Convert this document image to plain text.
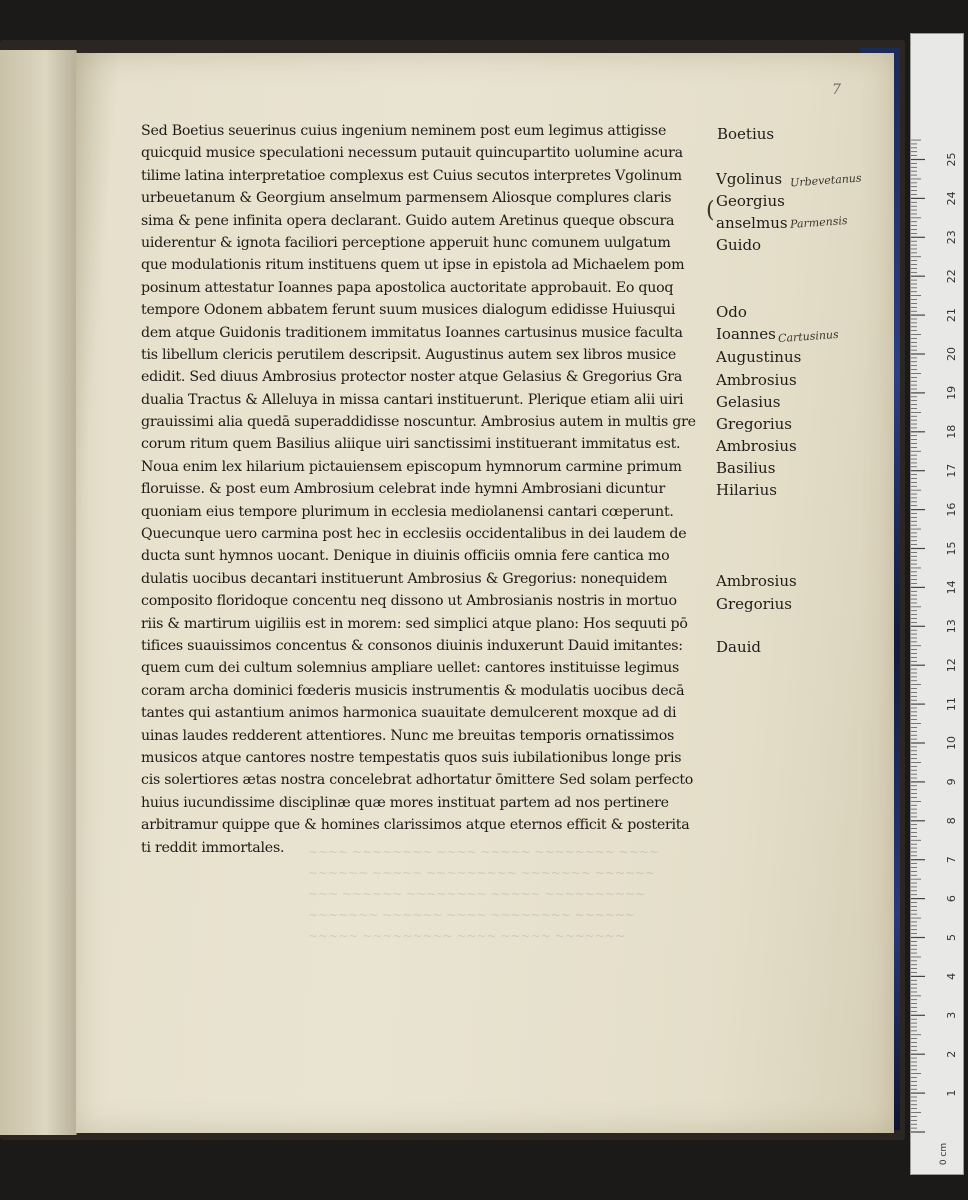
7
~~~~ ~~~~~~~~ ~~~~ ~~~~~ ~~~~~~~~ ~~~~
~~~~~~ ~~~~~ ~~~~~~~~~ ~~~~~~~ ~~~~~~
~~~ ~~~~~~ ~~~~~~~~ ~~~~~ ~~~~~~~~~~
~~~~~~~ ~~~~~~ ~~~~ ~~~~~~~~ ~~~~~~
~~~~~ ~~~~~~~~~ ~~~~ ~~~~~ ~~~~~~~
Sed Boetius seuerinus cuius ingenium neminem post eum legimus attigisse
quicquid musice speculationi necessum putauit quincupartito uolumine acura
tilime latina interpretatioe complexus est Cuius secutos interpretes Vgolinum
urbeuetanum & Georgium anselmum parmensem Aliosque complures claris
sima & pene infinita opera declarant. Guido autem Aretinus queque obscura
uiderentur & ignota faciliori perceptione apperuit hunc comunem uulgatum
que modulationis ritum instituens quem ut ipse in epistola ad Michaelem pom
posinum attestatur Ioannes papa apostolica auctoritate approbauit. Eo quoq
tempore Odonem abbatem ferunt suum musices dialogum edidisse Huiusqui
dem atque Guidonis traditionem immitatus Ioannes cartusinus musice faculta
tis libellum clericis perutilem descripsit. Augustinus autem sex libros musice
edidit. Sed diuus Ambrosius protector noster atque Gelasius & Gregorius Gra
dualia Tractus & Alleluya in missa cantari instituerunt. Plerique etiam alii uiri
grauissimi alia quedā superaddidisse noscuntur. Ambrosius autem in multis gre
corum ritum quem Basilius aliique uiri sanctissimi instituerant immitatus est.
Noua enim lex hilarium pictauiensem episcopum hymnorum carmine primum
floruisse. & post eum Ambrosium celebrat inde hymni Ambrosiani dicuntur
quoniam eius tempore plurimum in ecclesia mediolanensi cantari cœperunt.
Quecunque uero carmina post hec in ecclesiis occidentalibus in dei laudem de
ducta sunt hymnos uocant. Denique in diuinis officiis omnia fere cantica mo
dulatis uocibus decantari instituerunt Ambrosius & Gregorius: nonequidem
composito floridoque concentu neq dissono ut Ambrosianis nostris in mortuo
riis & martirum uigiliis est in morem: sed simplici atque plano: Hos sequuti pō
tifices suauissimos concentus & consonos diuinis induxerunt Dauid imitantes:
quem cum dei cultum solemnius ampliare uellet: cantores instituisse legimus
coram archa dominici fœderis musicis instrumentis & modulatis uocibus decā
tantes qui astantium animos harmonica suauitate demulcerent moxque ad di
uinas laudes redderent attentiores. Nunc me breuitas temporis ornatissimos
musicos atque cantores nostre tempestatis quos suis iubilationibus longe pris
cis solertiores ætas nostra concelebrat adhortatur ōmittere Sed solam perfecto
huius iucundissime disciplinæ quæ mores instituat partem ad nos pertinere
arbitramur quippe que & homines clarissimos atque eternos efficit & posterita
ti reddit immortales.
Boetius
Vgolinus
Georgius
anselmus
Guido
Odo
Ioannes
Augustinus
Ambrosius
Gelasius
Gregorius
Ambrosius
Basilius
Hilarius
Ambrosius
Gregorius
Dauid
Urbevetanus
Parmensis
Cartusinus
(
1
2
3
4
5
6
7
8
9
10
11
12
13
14
15
16
17
18
19
20
21
22
23
24
25
0 cm
